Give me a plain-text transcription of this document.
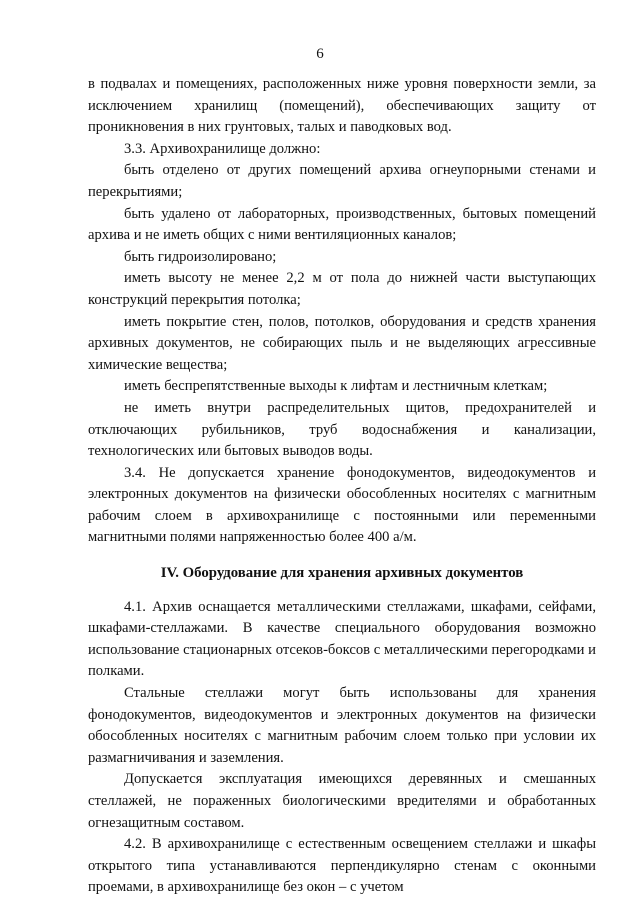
6

в подвалах и помещениях, расположенных ниже уровня поверхности земли, за исключением хранилищ (помещений), обеспечивающих защиту от проникновения в них грунтовых, талых и паводковых вод.

3.3. Архивохранилище должно:

быть отделено от других помещений архива огнеупорными стенами и перекрытиями;

быть удалено от лабораторных, производственных, бытовых помещений архива и не иметь общих с ними вентиляционных каналов;

быть гидроизолировано;

иметь высоту не менее 2,2 м от пола до нижней части выступающих конструкций перекрытия потолка;

иметь покрытие стен, полов, потолков, оборудования и средств хранения архивных документов, не собирающих пыль и не выделяющих агрессивные химические вещества;

иметь беспрепятственные выходы к лифтам и лестничным клеткам;

не иметь внутри распределительных щитов, предохранителей и отключающих рубильников, труб водоснабжения и канализации, технологических или бытовых выводов воды.

3.4. Не допускается хранение фонодокументов, видеодокументов и электронных документов на физически обособленных носителях с магнитным рабочим слоем в архивохранилище с постоянными или переменными магнитными полями напряженностью более 400 а/м.

IV. Оборудование для хранения архивных документов

4.1. Архив оснащается металлическими стеллажами, шкафами, сейфами, шкафами-стеллажами. В качестве специального оборудования возможно использование стационарных отсеков-боксов с металлическими перегородками и полками.

Стальные стеллажи могут быть использованы для хранения фонодокументов, видеодокументов и электронных документов на физически обособленных носителях с магнитным рабочим слоем только при условии их размагничивания и заземления.

Допускается эксплуатация имеющихся деревянных и смешанных стеллажей, не пораженных биологическими вредителями и обработанных огнезащитным составом.

4.2. В архивохранилище с естественным освещением стеллажи и шкафы открытого типа устанавливаются перпендикулярно стенам с оконными проемами, в архивохранилище без окон – с учетом
